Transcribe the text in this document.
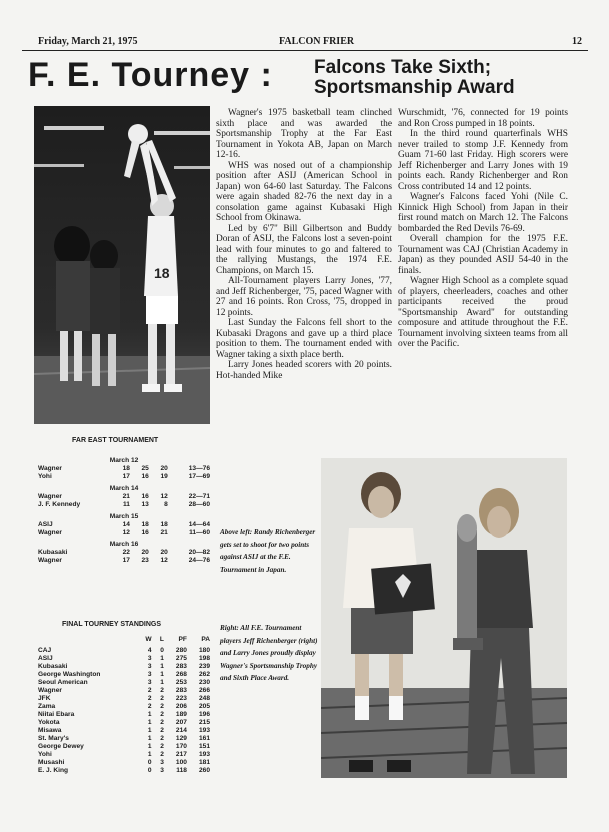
Friday, March 21, 1975	FALCON FRIER	12
F. E. Tourney : Falcons Take Sixth;
Sportsmanship Award
18

Wagner's 1975 basketball team clinched sixth place and was awarded the Sportsmanship Trophy at the Far East Tournament in Yokota AB, Japan on March 12-16.

WHS was nosed out of a championship position after ASIJ (American School in Japan) won 64-60 last Saturday. The Falcons were again shaded 82-76 the next day in a consolation game against Kubasaki High School from Okinawa.

Led by 6'7" Bill Gilbertson and Buddy Doran of ASIJ, the Falcons lost a seven-point lead with four minutes to go and faltered to the rallying Mustangs, the 1974 F.E. Champions, on March 15.

All-Tournament players Larry Jones, '77, and Jeff Richenberger, '75, paced Wagner with 27 and 16 points. Ron Cross, '75, dropped in 12 points.

Last Sunday the Falcons fell short to the Kubasaki Dragons and gave up a third place position to them. The tournament ended with Wagner taking a sixth place berth.

Larry Jones headed scorers with 20 points. Hot-handed Mike

Wurschmidt, '76, connected for 19 points and Ron Cross pumped in 18 points.

In the third round quarterfinals WHS never trailed to stomp J.F. Kennedy from Guam 71-60 last Friday. High scorers were Jeff Richenberger and Larry Jones with 19 points each. Randy Richenberger and Ron Cross contributed 14 and 12 points.

Wagner's Falcons faced Yohi (Nile C. Kinnick High School) from Japan in their first round match on March 12. The Falcons bombarded the Red Devils 76-69.

Overall champion for the 1975 F.E. Tournament was CAJ (Christian Academy in Japan) as they pounded ASIJ 54-40 in the finals.

Wagner High School as a complete squad of players, cheerleaders, coaches and other participants received the proud "Sportsmanship Award" for outstanding composure and attitude throughout the F.E. Tournament involving sixteen teams from all over the Pacific.

FAR EAST TOURNAMENT
March 12				
Wagner	18	25	20	13—76
Yohi	17	16	19	17—69
March 14				
Wagner	21	16	12	22—71
J. F. Kennedy	11	13	8	28—60
March 15				
ASIJ	14	18	18	14—64
Wagner	12	16	21	11—60
March 16				
Kubasaki	22	20	20	20—82
Wagner	17	23	12	24—76
FINAL TOURNEY STANDINGS
	W	L	PF	PA
CAJ	4	0	280	180
ASIJ	3	1	275	198
Kubasaki	3	1	283	239
George Washington	3	1	268	262
Seoul American	3	1	253	230
Wagner	2	2	283	266
JFK	2	2	223	248
Zama	2	2	206	205
Niitai Ebara	1	2	189	196
Yokota	1	2	207	215
Misawa	1	2	214	193
St. Mary's	1	2	129	161
George Dewey	1	2	170	151
Yohi	1	2	217	193
Musashi	0	3	100	181
E. J. King	0	3	118	260
Above left: Randy Richenberger gets set to shoot for two points against ASIJ at the F.E. Tournament in Japan.
Right: All F.E. Tournament players Jeff Richenberger (right) and Larry Jones proudly display Wagner's Sportsmanship Trophy and Sixth Place Award.
